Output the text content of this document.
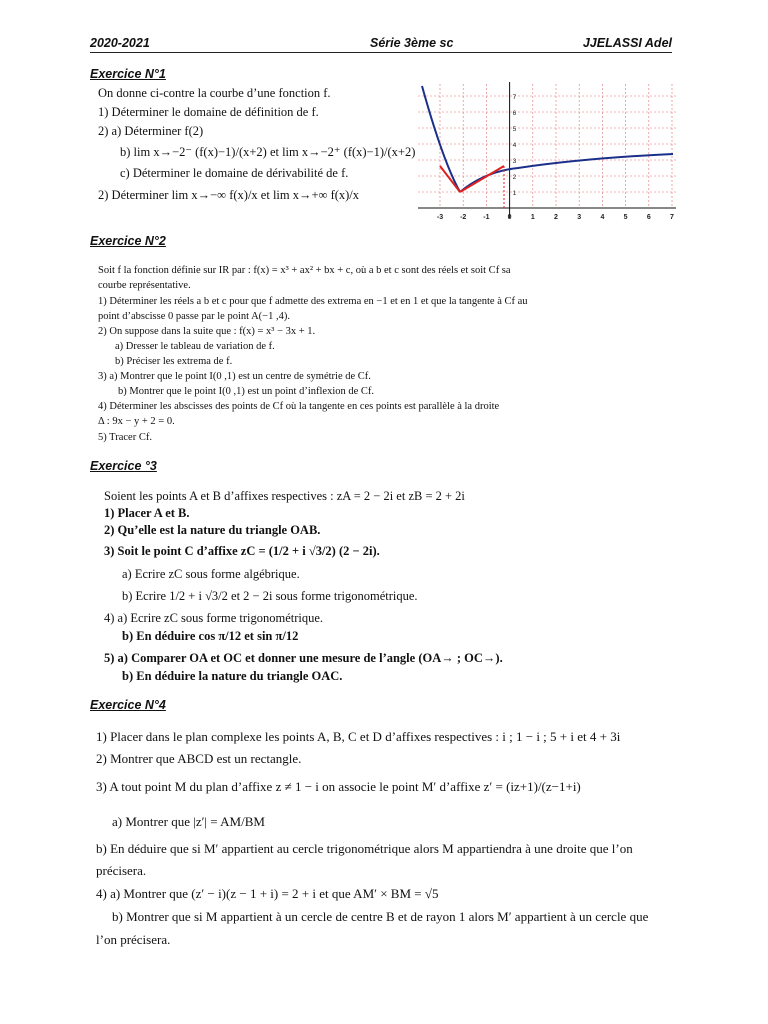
2020-2021	Série 3ème sc	JJELASSI Adel
Exercice N°1
On donne ci-contre la courbe d’une fonction f.
1) Déterminer le domaine de définition de f.
2) a) Déterminer f(2)
b) lim x→−2⁻ (f(x)−1)/(x+2) et lim x→−2⁺ (f(x)−1)/(x+2)
c) Déterminer le domaine de dérivabilité de f.
2) Déterminer lim x→−∞ f(x)/x et lim x→+∞ f(x)/x
-3 -2 -1	0	1	2	3	4	5	6	7
1
2
3
4
5
6
7
Exercice N°2
Soit f la fonction définie sur IR par : f(x) = x³ + ax² + bx + c, où a b et c sont des réels et soit Cf sa
courbe représentative.
1) Déterminer les réels a b et c pour que f admette des extrema en −1 et en 1 et que la tangente à Cf au
point d’abscisse 0 passe par le point A(−1 ,4).
2) On suppose dans la suite que : f(x) = x³ − 3x + 1.
a) Dresser le tableau de variation de f.
b) Préciser les extrema de f.
3) a) Montrer que le point I(0 ,1) est un centre de symétrie de Cf.
b) Montrer que le point I(0 ,1) est un point d’inflexion de Cf.
4) Déterminer les abscisses des points de Cf où la tangente en ces points est parallèle à la droite
Δ : 9x − y + 2 = 0.
5) Tracer Cf.
Exercice °3
Soient les points A et B d’affixes respectives : zA = 2 − 2i et zB = 2 + 2i
1) Placer A et B.
2) Qu’elle est la nature du triangle OAB.
3) Soit le point C d’affixe zC = (1/2 + i √3/2) (2 − 2i).
a) Ecrire zC sous forme algébrique.
b) Ecrire 1/2 + i √3/2 et 2 − 2i sous forme trigonométrique.
4) a) Ecrire zC sous forme trigonométrique.
b) En déduire cos π/12 et sin π/12
5) a) Comparer OA et OC et donner une mesure de l’angle (OA→ ; OC→).
b) En déduire la nature du triangle OAC.
Exercice N°4
1) Placer dans le plan complexe les points A, B, C et D d’affixes respectives : i ; 1 − i ; 5 + i et 4 + 3i
2) Montrer que ABCD est un rectangle.
3) A tout point M du plan d’affixe z ≠ 1 − i on associe le point M′ d’affixe z′ = (iz+1)/(z−1+i)
a) Montrer que |z′| = AM/BM
b) En déduire que si M′ appartient au cercle trigonométrique alors M appartiendra à une droite que l’on
précisera.
4) a) Montrer que (z′ − i)(z − 1 + i) = 2 + i et que AM′ × BM = √5
b) Montrer que si M appartient à un cercle de centre B et de rayon 1 alors M′ appartient à un cercle que
l’on précisera.
